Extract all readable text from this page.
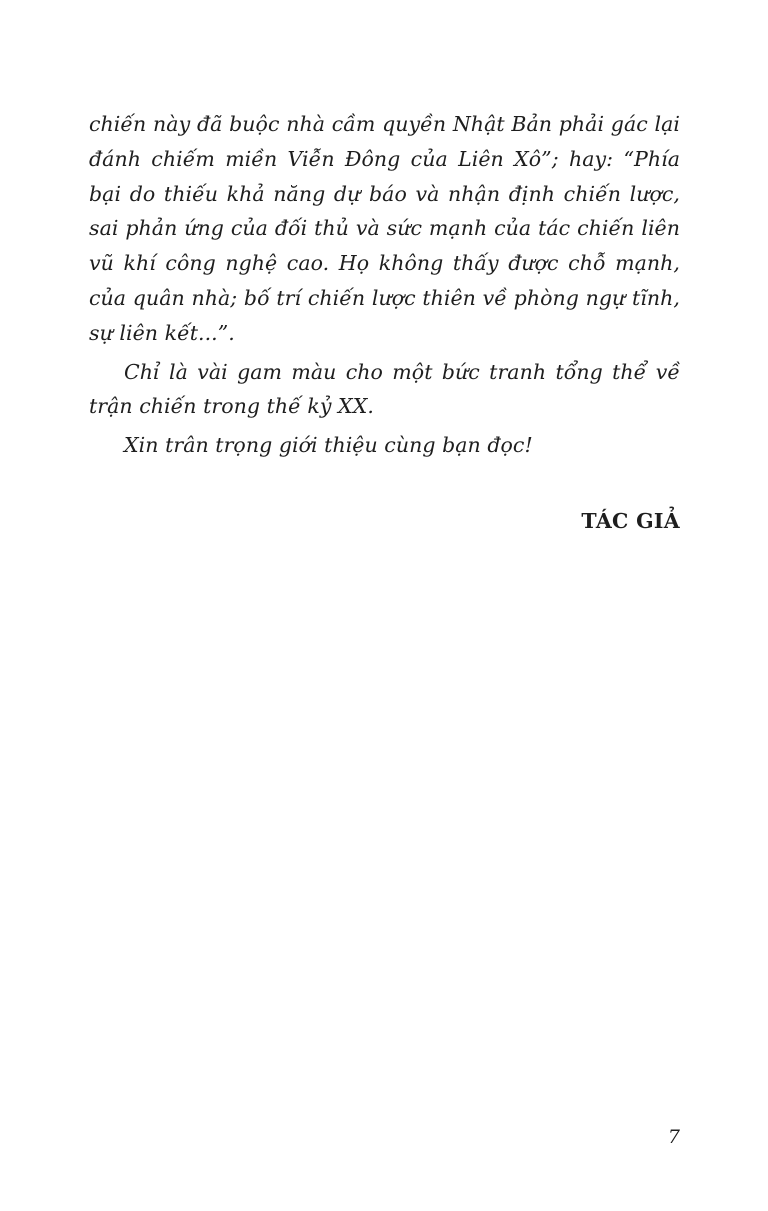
chiến này đã buộc nhà cầm quyền Nhật Bản phải gác lại
đánh chiếm miền Viễn Đông của Liên Xô”; hay: “Phía
bại do thiếu khả năng dự báo và nhận định chiến lược,
sai phản ứng của đối thủ và sức mạnh của tác chiến liên
vũ khí công nghệ cao. Họ không thấy được chỗ mạnh,
của quân nhà; bố trí chiến lược thiên về phòng ngự tĩnh,
sự liên kết...”.
Chỉ là vài gam màu cho một bức tranh tổng thể về
trận chiến trong thế kỷ XX.
Xin trân trọng giới thiệu cùng bạn đọc!
TÁC GIẢ
7
